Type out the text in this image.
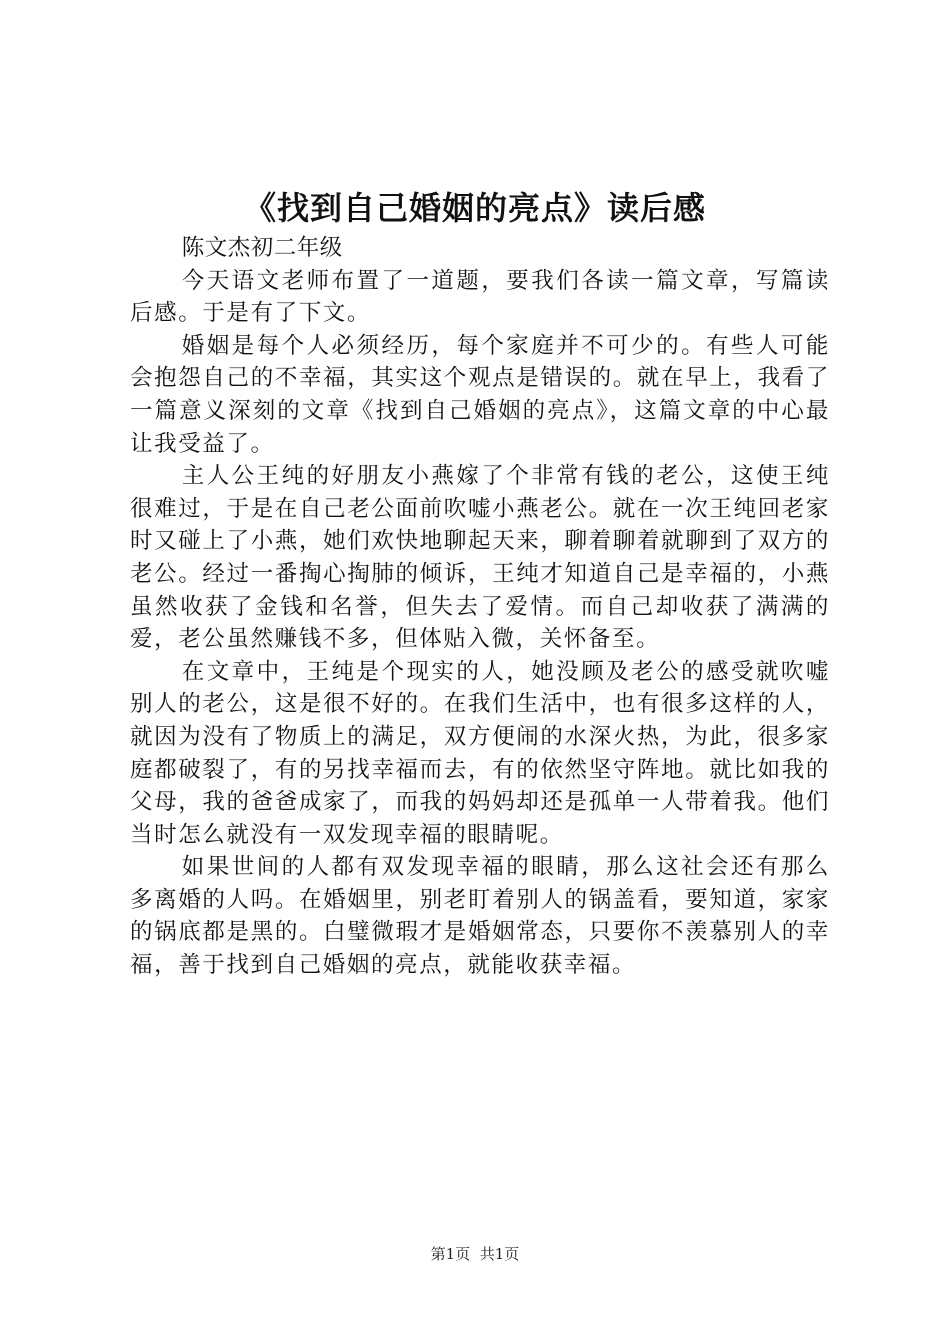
《找到自己婚姻的亮点》读后感

陈文杰初二年级

今天语文老师布置了一道题，要我们各读一篇文章，写篇读后感。于是有了下文。

婚姻是每个人必须经历，每个家庭并不可少的。有些人可能会抱怨自己的不幸福，其实这个观点是错误的。就在早上，我看了一篇意义深刻的文章《找到自己婚姻的亮点》，这篇文章的中心最让我受益了。

主人公王纯的好朋友小燕嫁了个非常有钱的老公，这使王纯很难过，于是在自己老公面前吹嘘小燕老公。就在一次王纯回老家时又碰上了小燕，她们欢快地聊起天来，聊着聊着就聊到了双方的老公。经过一番掏心掏肺的倾诉，王纯才知道自己是幸福的，小燕虽然收获了金钱和名誉，但失去了爱情。而自己却收获了满满的爱，老公虽然赚钱不多，但体贴入微，关怀备至。

在文章中，王纯是个现实的人，她没顾及老公的感受就吹嘘别人的老公，这是很不好的。在我们生活中，也有很多这样的人，就因为没有了物质上的满足，双方便闹的水深火热，为此，很多家庭都破裂了，有的另找幸福而去，有的依然坚守阵地。就比如我的父母，我的爸爸成家了，而我的妈妈却还是孤单一人带着我。他们当时怎么就没有一双发现幸福的眼睛呢。

如果世间的人都有双发现幸福的眼睛，那么这社会还有那么多离婚的人吗。在婚姻里，别老盯着别人的锅盖看，要知道，家家的锅底都是黑的。白璧微瑕才是婚姻常态，只要你不羡慕别人的幸福，善于找到自己婚姻的亮点，就能收获幸福。

第1页 共1页
